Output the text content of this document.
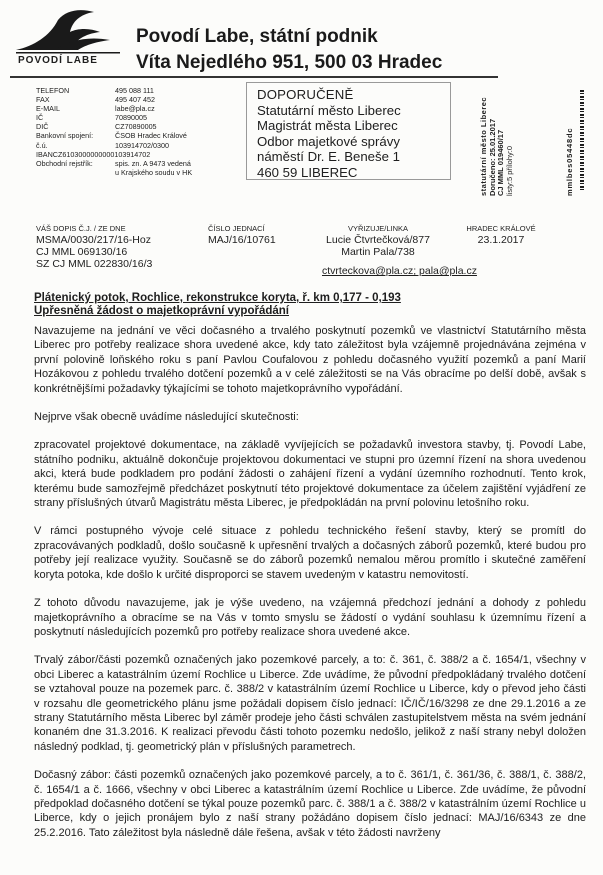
POVODÍ LABE
Povodí Labe, státní podnik
Víta Nejedlého 951, 500 03 Hradec
TELEFON	495 088 111
FAX	495 407 452
E-MAIL	labe@pla.cz
IČ	70890005
DIČ	CZ70890005
Bankovní spojení:	ČSOB Hradec Králové
č.ú.	103914702/0300
IBANCZ6103000000000103914702
Obchodní rejstřík:	spis. zn. A 9473 vedená
u Krajského soudu v HK
DOPORUČENĚ
Statutární město Liberec
Magistrát města Liberec
Odbor majetkové správy
náměstí Dr. E. Beneše 1
460 59 LIBEREC	statutární město Liberec Doručeno: 25.01.2017 CJ MML 019460/17 listy:5 přílohy:0	mmlbes05448dc
VÁŠ DOPIS Č.J. / ZE DNE
MSMA/0030/217/16-Hoz
CJ MML 069130/16
SZ CJ MML 022830/16/3
ČÍSLO JEDNACÍ
MAJ/16/10761
VYŘIZUJE/LINKA
Lucie Čtvrtečková/877
Martin Pala/738
ctvrteckova@pla.cz; pala@pla.cz
HRADEC KRÁLOVÉ
23.1.2017
Plátenický potok, Rochlice, rekonstrukce koryta, ř. km 0,177 - 0,193
Upřesněná žádost o majetkoprávní vypořádání

Navazujeme na jednání ve věci dočasného a trvalého poskytnutí pozemků ve vlastnictví Statutárního města Liberec pro potřeby realizace shora uvedené akce, kdy tato záležitost byla vzájemně projednávána zejména v první polovině loňského roku s paní Pavlou Coufalovou z pohledu dočasného využití pozemků a paní Marií Hozákovou z pohledu trvalého dotčení pozemků a v celé záležitosti se na Vás obracíme po delší době, avšak s konkrétnějšími požadavky týkajícími se tohoto majetkoprávního vypořádání.

Nejprve však obecně uvádíme následující skutečnosti:

zpracovatel projektové dokumentace, na základě vyvíjejících se požadavků investora stavby, tj. Povodí Labe, státního podniku, aktuálně dokončuje projektovou dokumentaci ve stupni pro územní řízení na shora uvedenou akci, která bude podkladem pro podání žádosti o zahájení řízení a vydání územního rozhodnutí. Tento krok, kterému bude samozřejmě předcházet poskytnutí této projektové dokumentace za účelem zajištění vyjádření ze strany příslušných útvarů Magistrátu města Liberec, je předpokládán na první polovinu letošního roku.

V rámci postupného vývoje celé situace z pohledu technického řešení stavby, který se promítl do zpracovávaných podkladů, došlo současně k upřesnění trvalých a dočasných záborů pozemků, které budou pro potřeby její realizace využity. Současně se do záborů pozemků nemalou měrou promítlo i skutečné zaměření koryta potoka, kde došlo k určité disproporci se stavem uvedeným v katastru nemovitostí.

Z tohoto důvodu navazujeme, jak je výše uvedeno, na vzájemná předchozí jednání a dohody z pohledu majetkoprávního a obracíme se na Vás v tomto smyslu se žádostí o vydání souhlasu k územnímu řízení a poskytnutí následujících pozemků pro potřeby realizace shora uvedené akce.

Trvalý zábor/části pozemků označených jako pozemkové parcely, a to: č. 361, č. 388/2 a č. 1654/1, všechny v obci Liberec a katastrálním území Rochlice u Liberce. Zde uvádíme, že původní předpokládaný trvalého dotčení se vztahoval pouze na pozemek parc. č. 388/2 v katastrálním území Rochlice u Liberce, kdy o převod jeho části v rozsahu dle geometrického plánu jsme požádali dopisem číslo jednací: IČ/IČ/16/3298 ze dne 29.1.2016 a ze strany Statutárního města Liberec byl záměr prodeje jeho části schválen zastupitelstvem města na svém jednání konaném dne 31.3.2016. K realizaci převodu části tohoto pozemku nedošlo, jelikož z naší strany nebyl doložen následný podklad, tj. geometrický plán v příslušných parametrech.

Dočasný zábor: části pozemků označených jako pozemkové parcely, a to č. 361/1, č. 361/36, č. 388/1, č. 388/2, č. 1654/1 a č. 1666, všechny v obci Liberec a katastrálním území Rochlice u Liberce. Zde uvádíme, že původní předpoklad dočasného dotčení se týkal pouze pozemků parc. č. 388/1 a č. 388/2 v katastrálním území Rochlice u Liberce, kdy o jejich pronájem bylo z naší strany požádáno dopisem číslo jednací: MAJ/16/6343 ze dne 25.2.2016. Tato záležitost byla následně dále řešena, avšak v této žádosti navrženy
